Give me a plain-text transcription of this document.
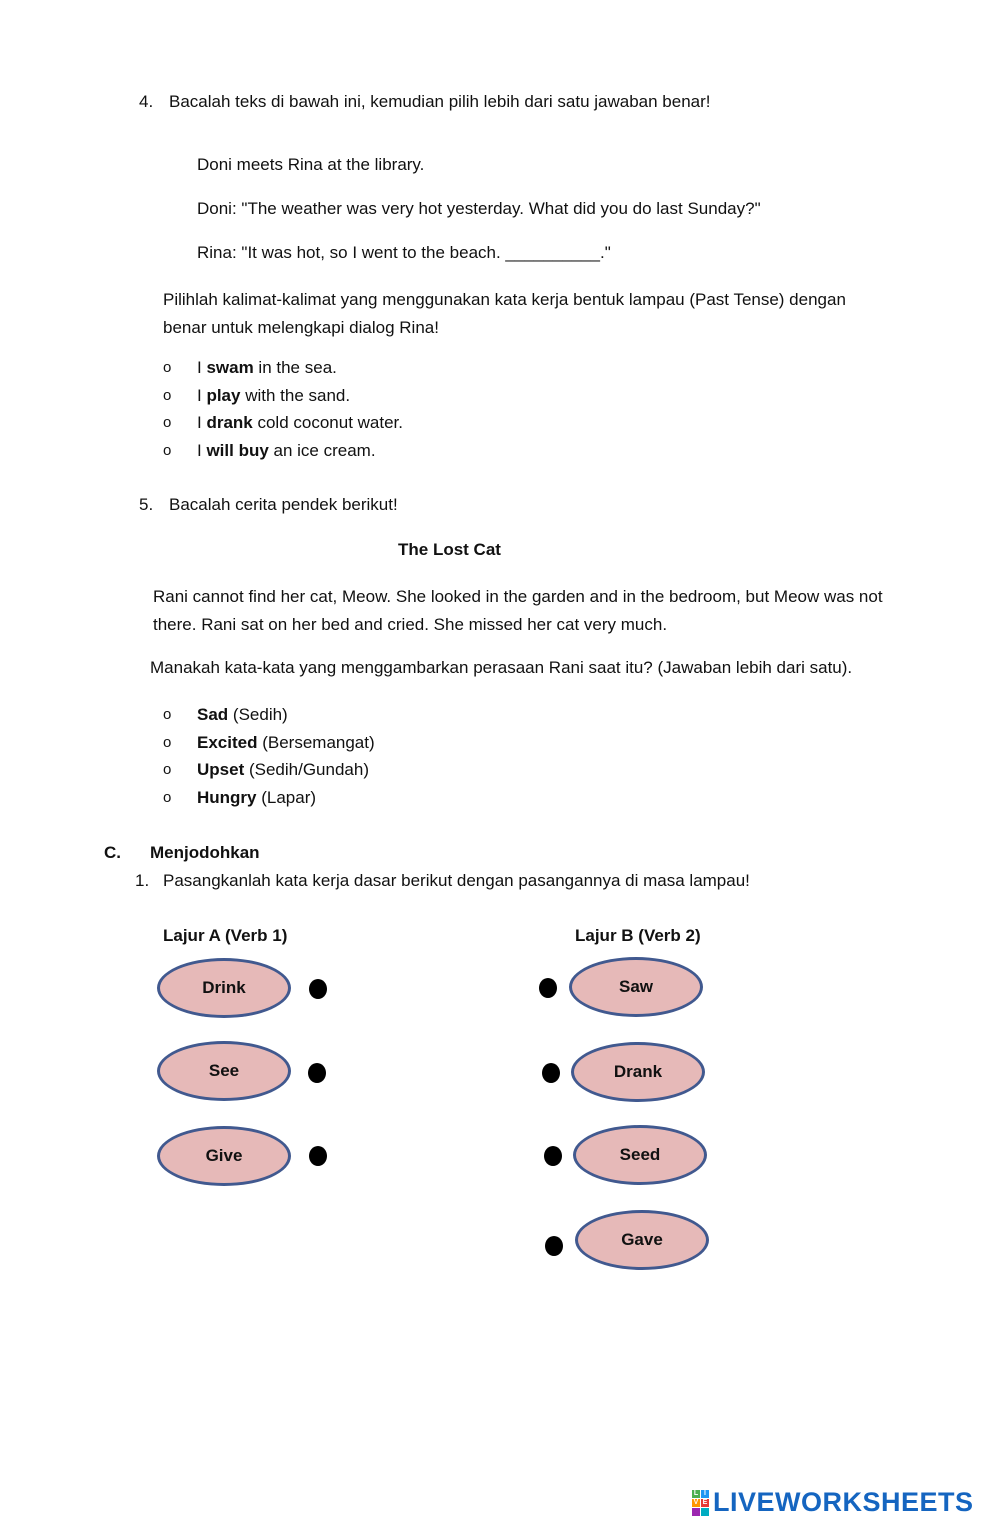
4. Bacalah teks di bawah ini, kemudian pilih lebih dari satu jawaban benar!
Doni meets Rina at the library.
Doni: "The weather was very hot yesterday. What did you do last Sunday?"
Rina: "It was hot, so I went to the beach. __________."
Pilihlah kalimat-kalimat yang menggunakan kata kerja bentuk lampau (Past Tense) dengan benar untuk melengkapi dialog Rina!
o I swam in the sea.
o I play with the sand.
o I drank cold coconut water.
o I will buy an ice cream.
5. Bacalah cerita pendek berikut!
The Lost Cat
Rani cannot find her cat, Meow. She looked in the garden and in the bedroom, but Meow was not there. Rani sat on her bed and cried. She missed her cat very much.
Manakah kata-kata yang menggambarkan perasaan Rani saat itu? (Jawaban lebih dari satu).
o Sad (Sedih)
o Excited (Bersemangat)
o Upset (Sedih/Gundah)
o Hungry (Lapar)
C. Menjodohkan
1. Pasangkanlah kata kerja dasar berikut dengan pasangannya di masa lampau!
Lajur A (Verb 1)	Lajur B (Verb 2)
Drink
See
Give
Saw
Drank
Seed
Gave
L I
V E LIVEWORKSHEETS
